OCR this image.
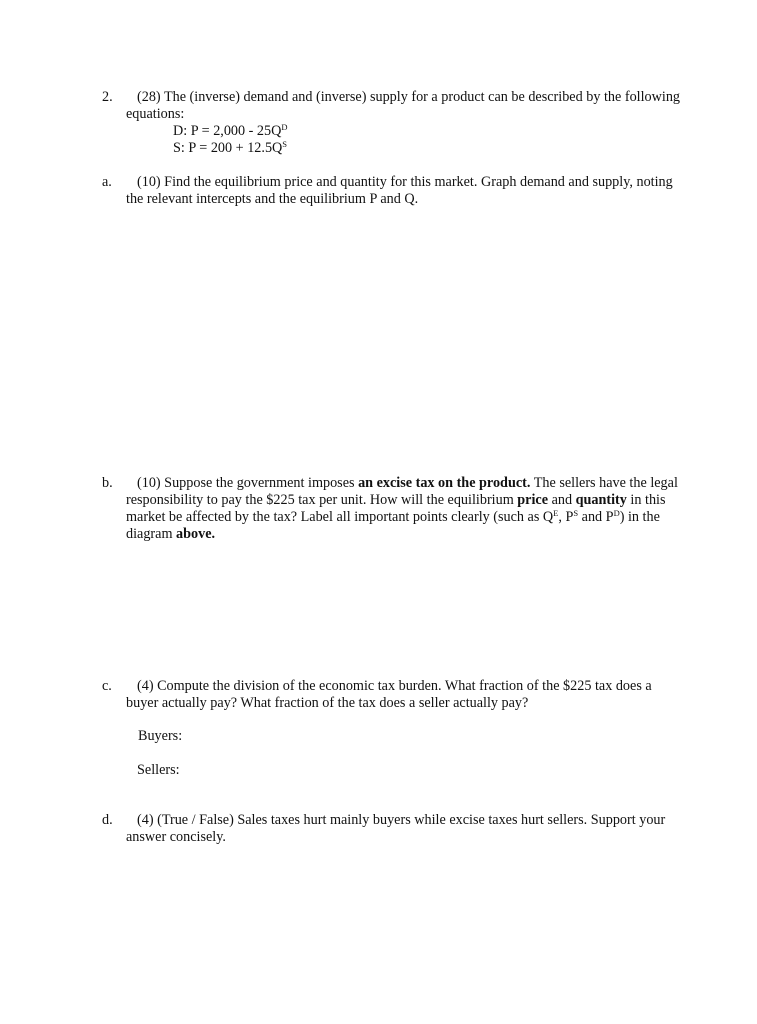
2. (28) The (inverse) demand and (inverse) supply for a product can be described by the following
equations:
D: $P = 2,000 - 25Q^D$
S: $P = 200 + 12.5Q^S$
a. (10) Find the equilibrium price and quantity for this market. Graph demand and supply, noting
the relevant intercepts and the equilibrium P and Q.
b. (10) Suppose the government imposes an excise tax on the product. The sellers have the legal
responsibility to pay the $225 tax per unit. How will the equilibrium price and quantity in this
market be affected by the tax? Label all important points clearly (such as $Q^E$, $P^S$ and $P^D$) in the
diagram above.
c. (4) Compute the division of the economic tax burden. What fraction of the $225 tax does a
buyer actually pay? What fraction of the tax does a seller actually pay?
Buyers:
Sellers:
d. (4) (True / False) Sales taxes hurt mainly buyers while excise taxes hurt sellers. Support your
answer concisely.
